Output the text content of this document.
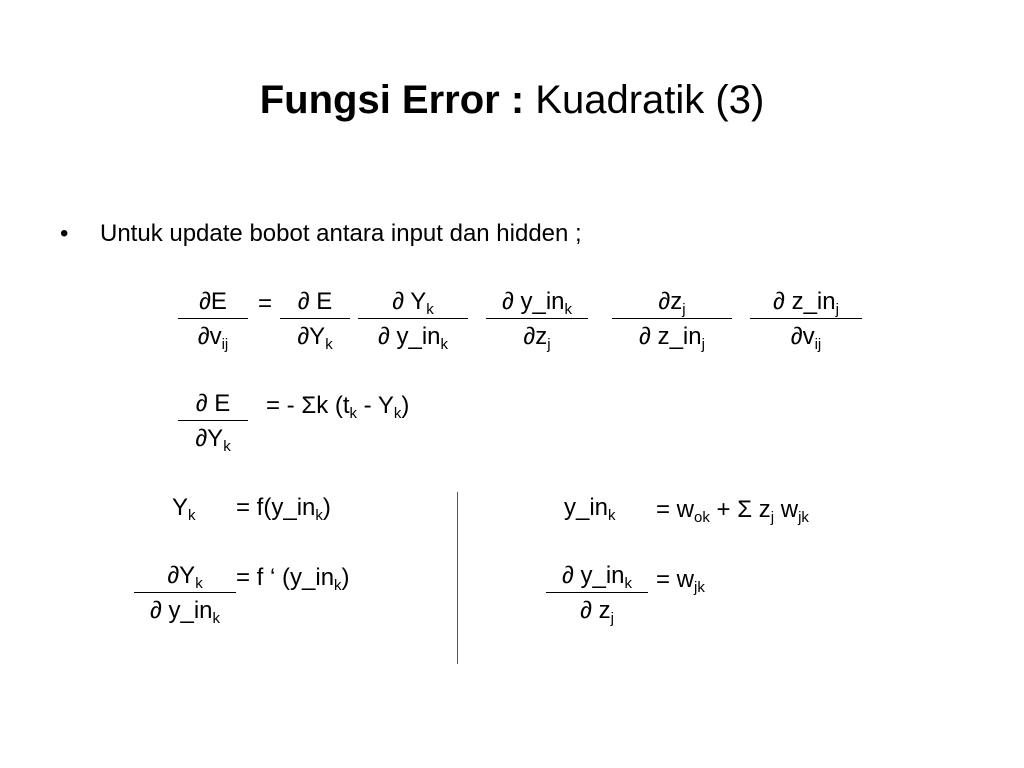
Fungsi Error : Kuadratik (3)
• Untuk update bobot antara input dan hidden ;
∂E
$\partial v_{ij}$
=	∂ E
$\partial Y_k$
∂ $Y_k$
∂ $y\_in_k$
∂ $y\_in_k$
$\partial z_j$
$\partial z_j$
∂ $z\_in_j$
∂ $z\_in_j$
$\partial v_{ij}$
∂ E
$\partial Y_k$
= - Σk $(t_k - Y_k)$
$Y_k$ = $f(y\_in_k)$
$\partial Y_k$
∂ $y\_in_k$
= f ‘ $(y\_in_k)$
$y\_in_k = w_{ok} + \Sigma$ $z_j$ $w_{jk}$
∂ $y\_in_k$
∂ $z_j$
= $w_{jk}$
